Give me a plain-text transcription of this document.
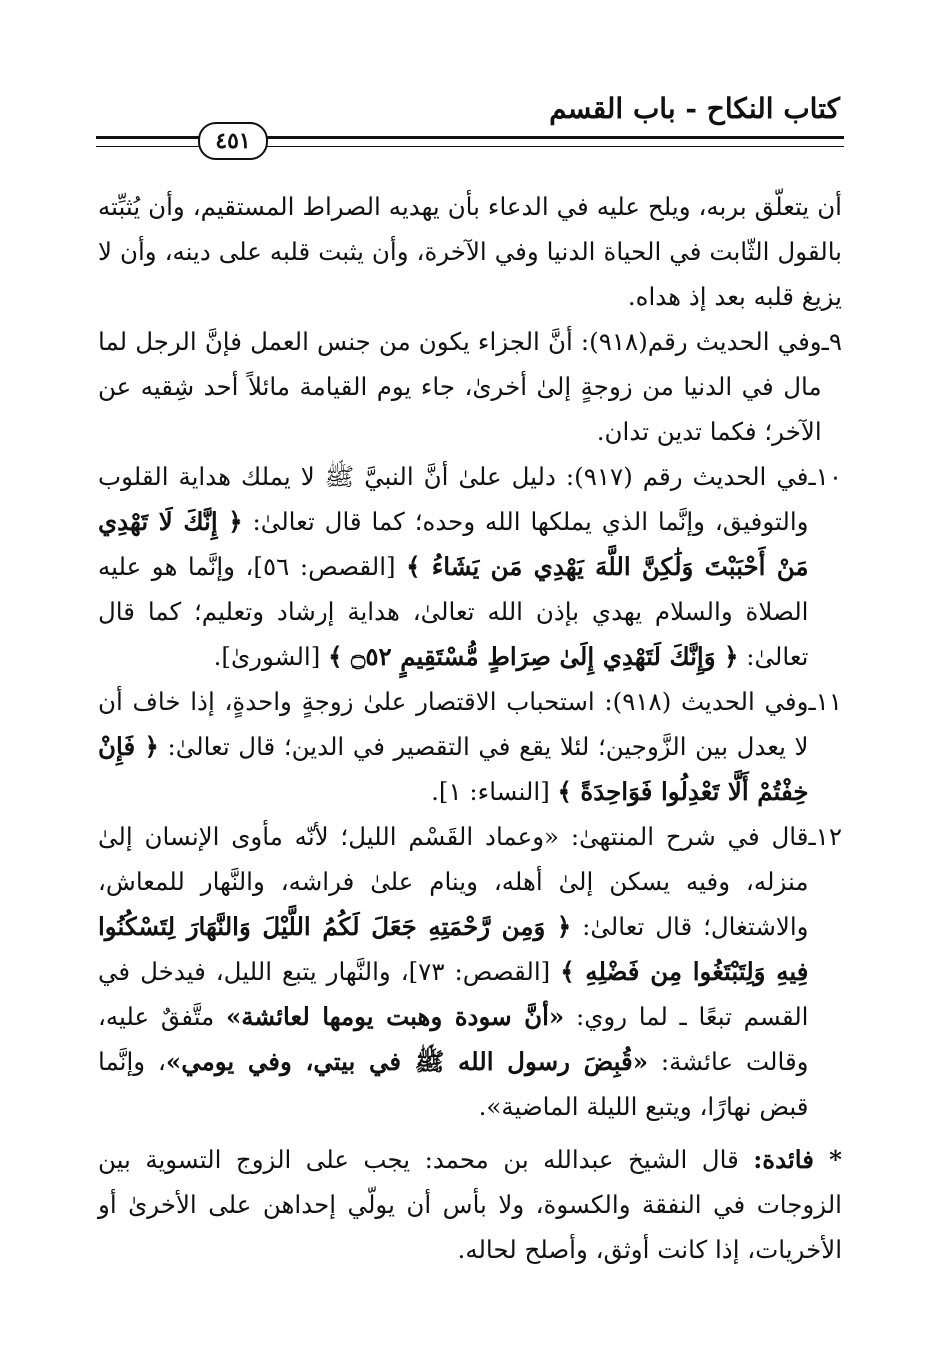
كتاب النكاح - باب القسم
٤٥١

أن يتعلّق بربه، ويلح عليه في الدعاء بأن يهديه الصراط المستقيم، وأن يُثبِّته بالقول الثّابت في الحياة الدنيا وفي الآخرة، وأن يثبت قلبه على دينه، وأن لا يزيغ قلبه بعد إذ هداه.

٩ـ
وفي الحديث رقم(٩١٨): أنَّ الجزاء يكون من جنس العمل فإنَّ الرجل لما مال في الدنيا من زوجةٍ إلىٰ أخرىٰ، جاء يوم القيامة مائلاً أحد شِقيه عن الآخر؛ فكما تدين تدان.
١٠ـ
في الحديث رقم (٩١٧): دليل علىٰ أنَّ النبيَّ ﷺ لا يملك هداية القلوب والتوفيق، وإنَّما الذي يملكها الله وحده؛ كما قال تعالىٰ: ﴿ إِنَّكَ لَا تَهْدِي مَنْ أَحْبَبْتَ وَلَٰكِنَّ اللَّهَ يَهْدِي مَن يَشَاءُ ﴾ [القصص: ٥٦]، وإنَّما هو عليه الصلاة والسلام يهدي بإذن الله تعالىٰ، هداية إرشاد وتعليم؛ كما قال تعالىٰ: ﴿ وَإِنَّكَ لَتَهْدِي إِلَىٰ صِرَاطٍ مُّسْتَقِيمٍ ۝٥٢ ﴾ [الشورىٰ].
١١ـ
وفي الحديث (٩١٨): استحباب الاقتصار علىٰ زوجةٍ واحدةٍ، إذا خاف أن لا يعدل بين الزَّوجين؛ لئلا يقع في التقصير في الدين؛ قال تعالىٰ: ﴿ فَإِنْ خِفْتُمْ أَلَّا تَعْدِلُوا فَوَاحِدَةً ﴾ [النساء: ١].
١٢ـ
قال في شرح المنتهىٰ: «وعماد القَسْم الليل؛ لأنّه مأوى الإنسان إلىٰ منزله، وفيه يسكن إلىٰ أهله، وينام علىٰ فراشه، والنَّهار للمعاش، والاشتغال؛ قال تعالىٰ: ﴿ وَمِن رَّحْمَتِهِ جَعَلَ لَكُمُ اللَّيْلَ وَالنَّهَارَ لِتَسْكُنُوا فِيهِ وَلِتَبْتَغُوا مِن فَضْلِهِ ﴾ [القصص: ٧٣]، والنَّهار يتبع الليل، فيدخل في القسم تبعًا ـ لما روي: «أنَّ سودة وهبت يومها لعائشة» متَّفقٌ عليه، وقالت عائشة: «قُبِضَ رسول الله ﷺ في بيتي، وفي يومي»، وإنَّما قبض نهارًا، ويتبع الليلة الماضية».

* فائدة: قال الشيخ عبدالله بن محمد: يجب على الزوج التسوية بين الزوجات في النفقة والكسوة، ولا بأس أن يولّي إحداهن على الأخرىٰ أو الأخريات، إذا كانت أوثق، وأصلح لحاله.
